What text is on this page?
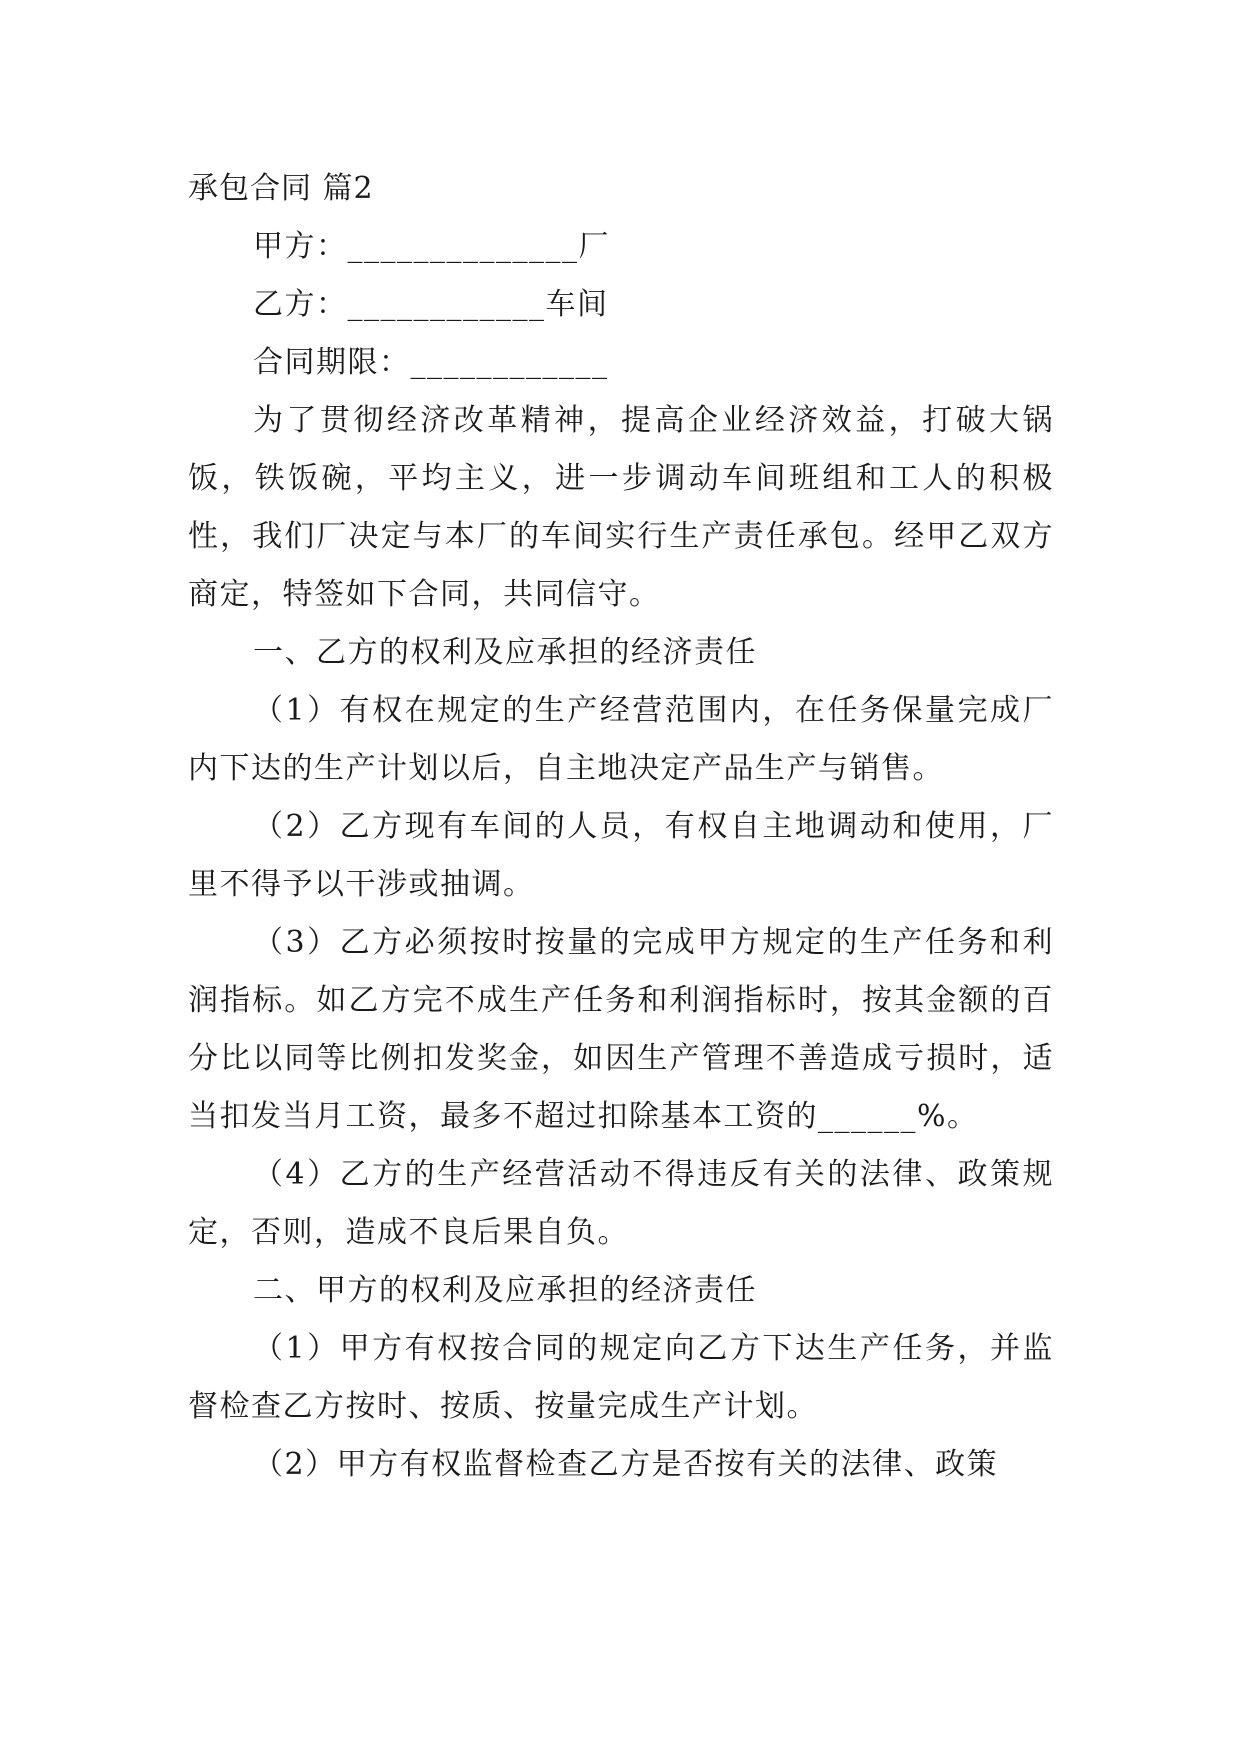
承包合同 篇2

甲方：______________厂

乙方：____________车间

合同期限：____________

为了贯彻经济改革精神，提高企业经济效益，打破大锅饭，铁饭碗，平均主义，进一步调动车间班组和工人的积极性，我们厂决定与本厂的车间实行生产责任承包。经甲乙双方商定，特签如下合同，共同信守。

一、乙方的权利及应承担的经济责任

（1）有权在规定的生产经营范围内，在任务保量完成厂内下达的生产计划以后，自主地决定产品生产与销售。

（2）乙方现有车间的人员，有权自主地调动和使用，厂里不得予以干涉或抽调。

（3）乙方必须按时按量的完成甲方规定的生产任务和利润指标。如乙方完不成生产任务和利润指标时，按其金额的百分比以同等比例扣发奖金，如因生产管理不善造成亏损时，适当扣发当月工资，最多不超过扣除基本工资的______%。

（4）乙方的生产经营活动不得违反有关的法律、政策规定，否则，造成不良后果自负。

二、甲方的权利及应承担的经济责任

（1）甲方有权按合同的规定向乙方下达生产任务，并监督检查乙方按时、按质、按量完成生产计划。

（2）甲方有权监督检查乙方是否按有关的法律、政策
